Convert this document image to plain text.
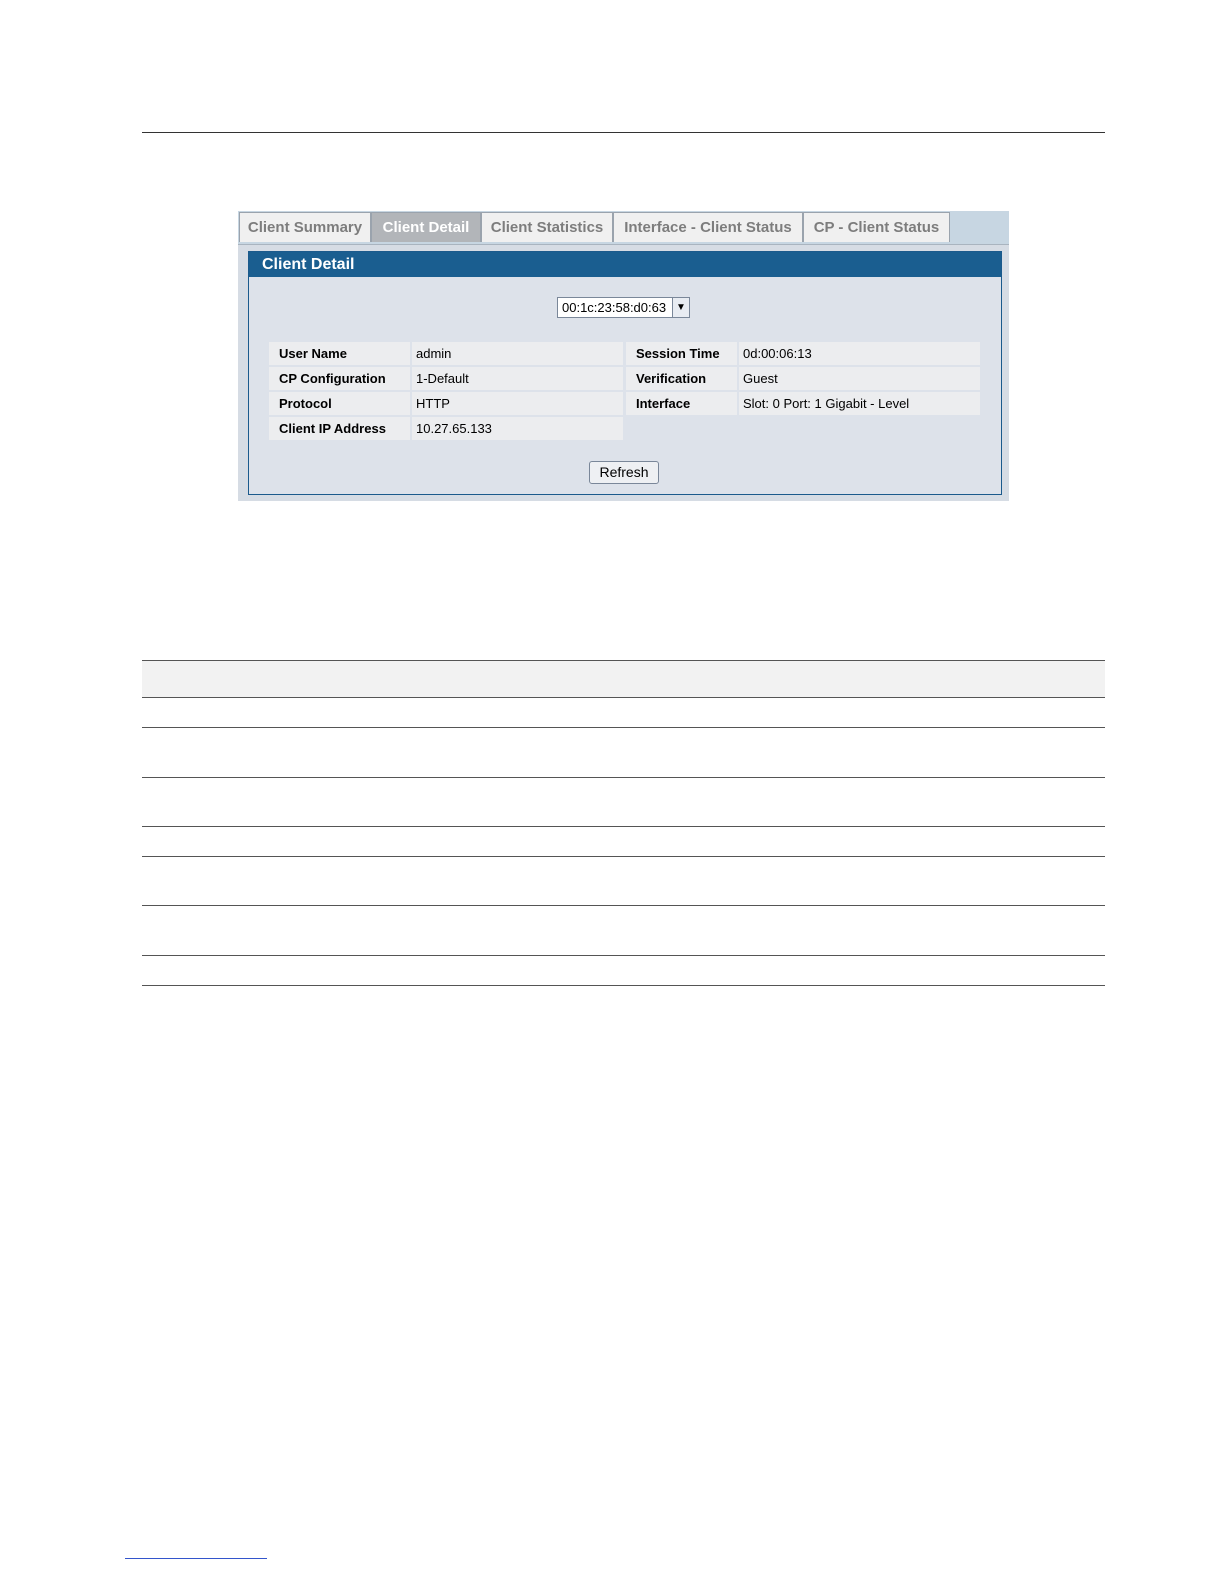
Client Summary	Client Detail	Client Statistics	Interface - Client Status	CP - Client Status
Client Detail
00:1c:23:58:d0:63 ▼
User Name	admin
CP Configuration	1-Default
Protocol	HTTP
Client IP Address	10.27.65.133
Session Time	0d:00:06:13
Verification	Guest
Interface	Slot: 0 Port: 1 Gigabit - Level
Refresh
